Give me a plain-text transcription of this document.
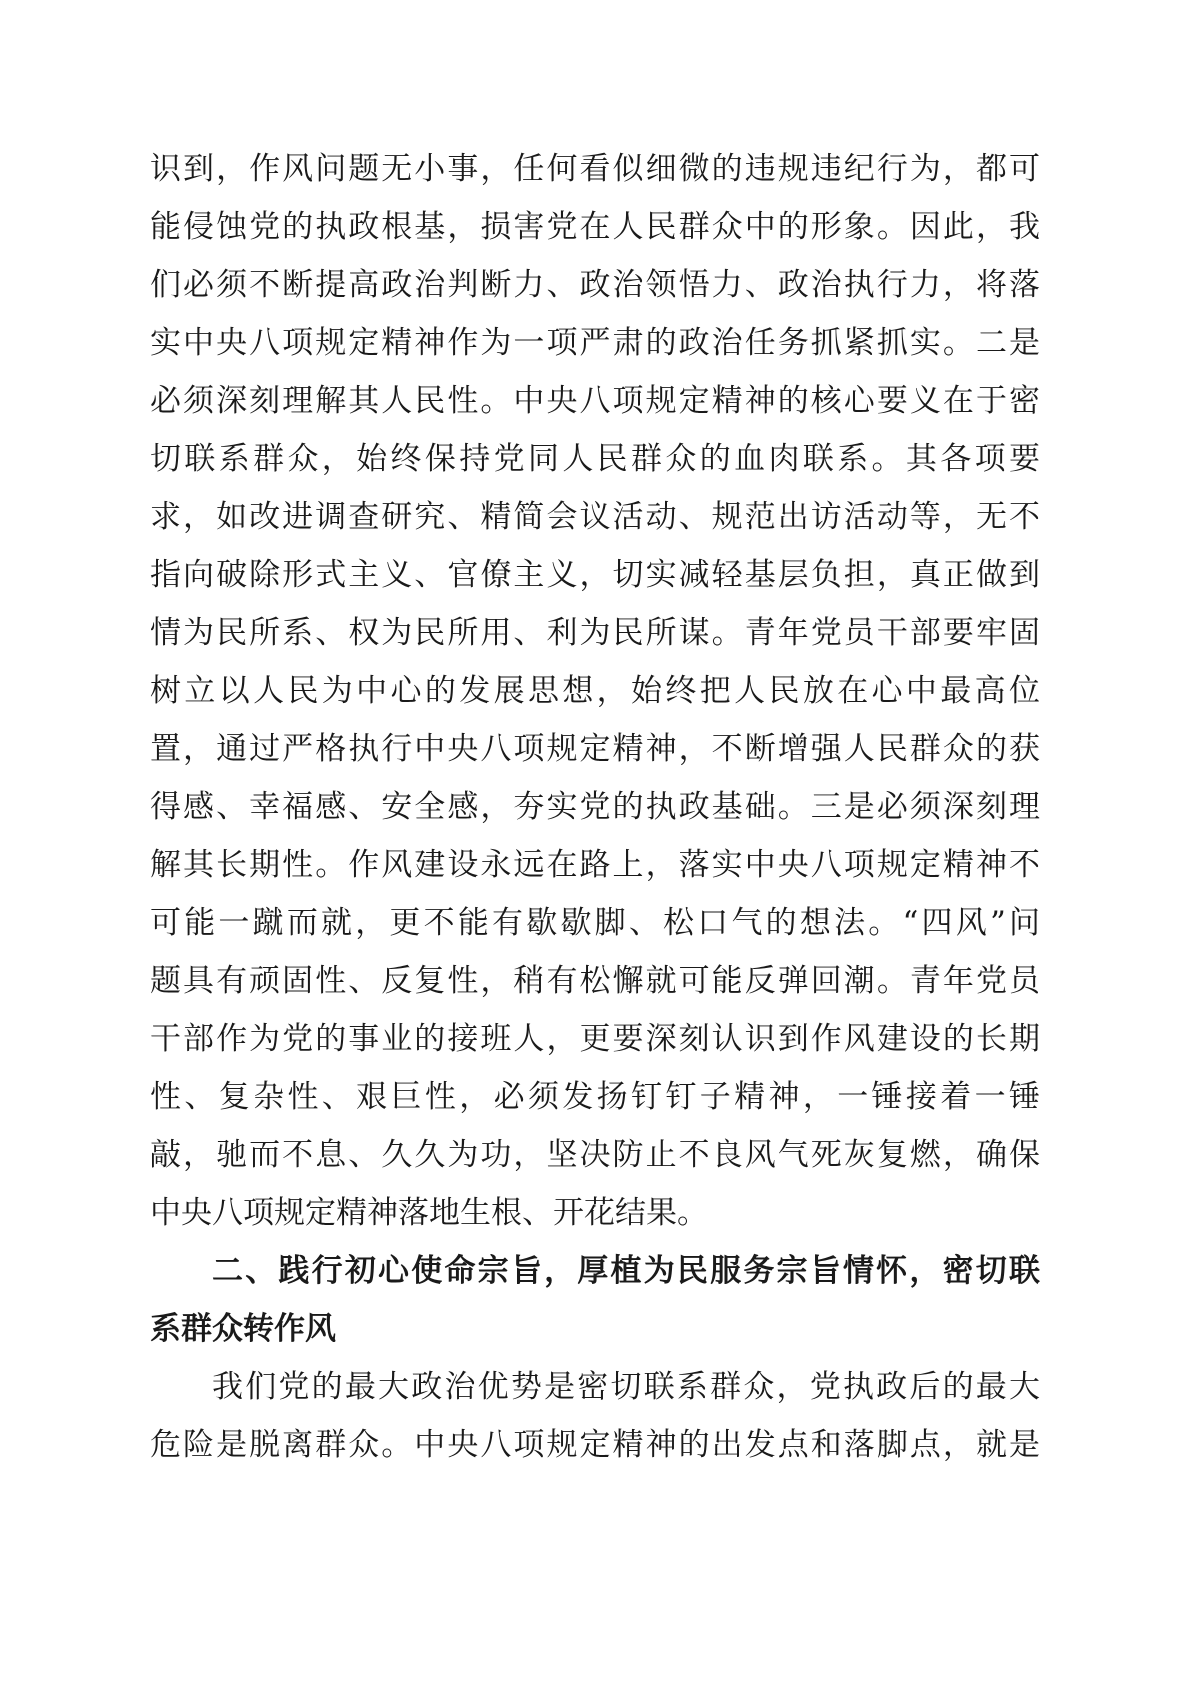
识到，作风问题无小事，任何看似细微的违规违纪行为，都可
能侵蚀党的执政根基，损害党在人民群众中的形象。因此，我
们必须不断提高政治判断力、政治领悟力、政治执行力，将落
实中央八项规定精神作为一项严肃的政治任务抓紧抓实。二是
必须深刻理解其人民性。中央八项规定精神的核心要义在于密
切联系群众，始终保持党同人民群众的血肉联系。其各项要
求，如改进调查研究、精简会议活动、规范出访活动等，无不
指向破除形式主义、官僚主义，切实减轻基层负担，真正做到
情为民所系、权为民所用、利为民所谋。青年党员干部要牢固
树立以人民为中心的发展思想，始终把人民放在心中最高位
置，通过严格执行中央八项规定精神，不断增强人民群众的获
得感、幸福感、安全感，夯实党的执政基础。三是必须深刻理
解其长期性。作风建设永远在路上，落实中央八项规定精神不
可能一蹴而就，更不能有歇歇脚、松口气的想法。“四风”问
题具有顽固性、反复性，稍有松懈就可能反弹回潮。青年党员
干部作为党的事业的接班人，更要深刻认识到作风建设的长期
性、复杂性、艰巨性，必须发扬钉钉子精神，一锤接着一锤
敲，驰而不息、久久为功，坚决防止不良风气死灰复燃，确保
中央八项规定精神落地生根、开花结果。
二、践行初心使命宗旨，厚植为民服务宗旨情怀，密切联
系群众转作风
我们党的最大政治优势是密切联系群众，党执政后的最大
危险是脱离群众。中央八项规定精神的出发点和落脚点，就是
